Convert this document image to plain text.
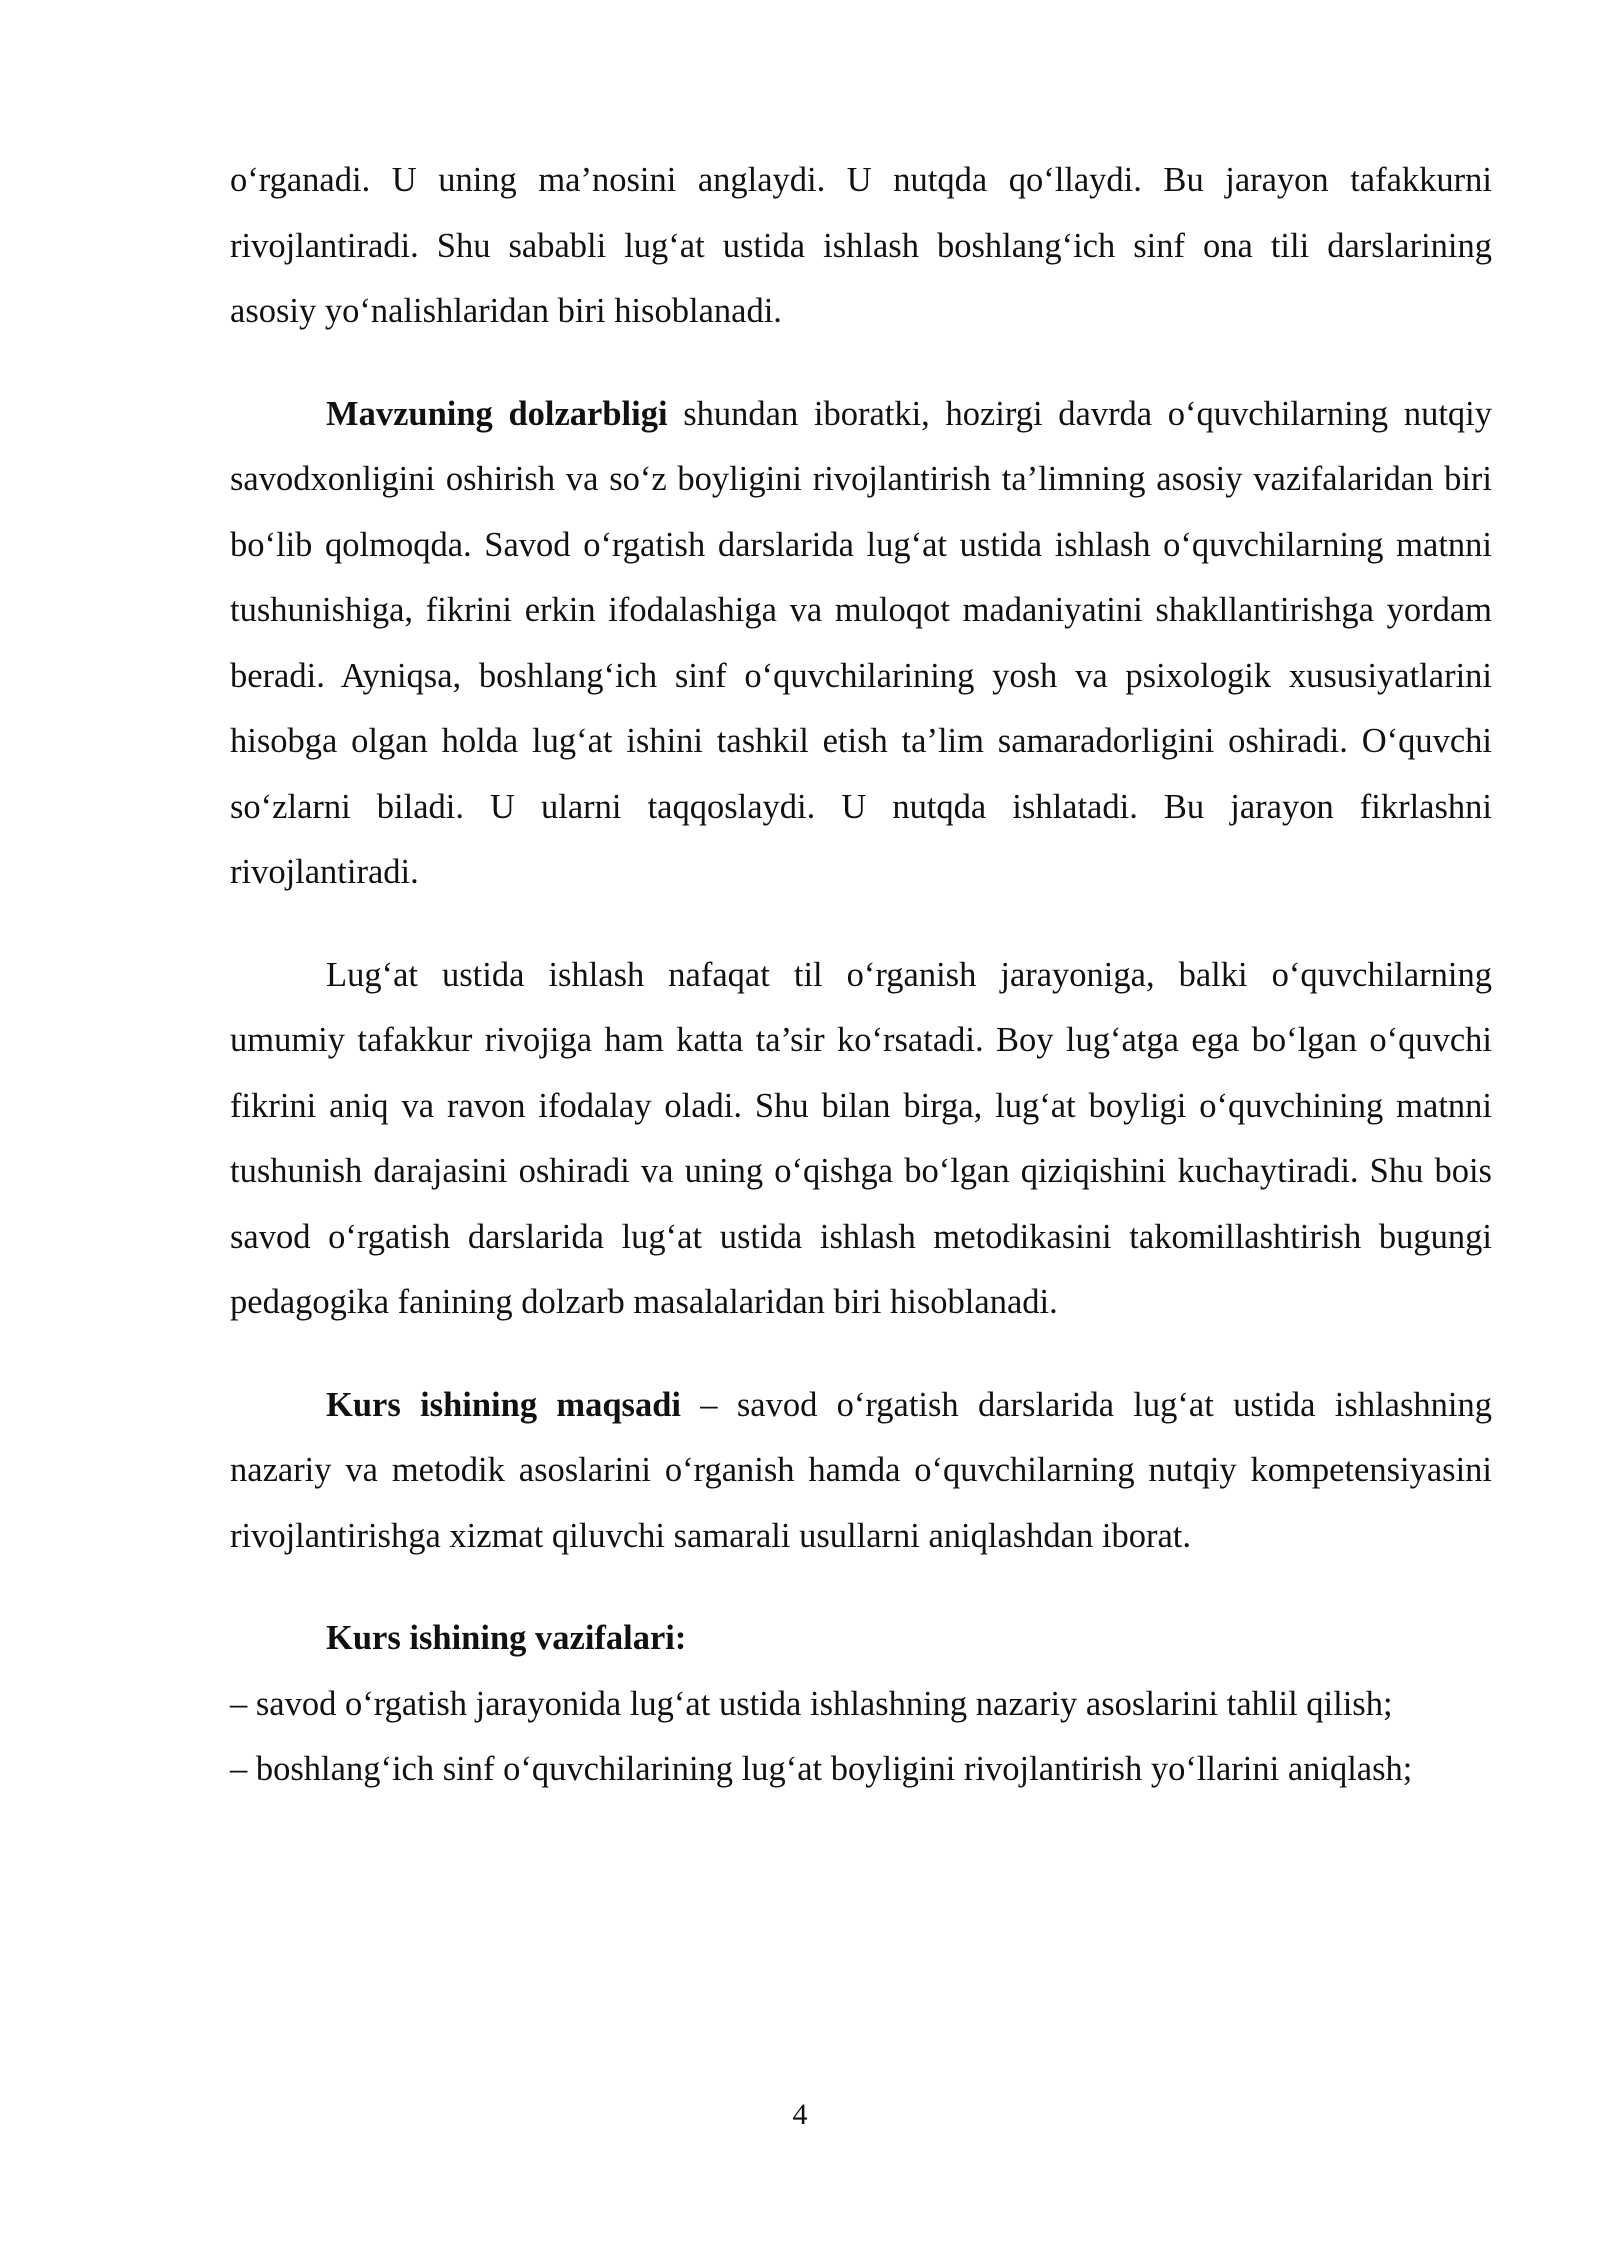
o‘rganadi. U uning ma’nosini anglaydi. U nutqda qo‘llaydi. Bu jarayon tafakkurni rivojlantiradi. Shu sababli lug‘at ustida ishlash boshlang‘ich sinf ona tili darslarining asosiy yo‘nalishlaridan biri hisoblanadi.

Mavzuning dolzarbligi shundan iboratki, hozirgi davrda o‘quvchilarning nutqiy savodxonligini oshirish va so‘z boyligini rivojlantirish ta’limning asosiy vazifalaridan biri bo‘lib qolmoqda. Savod o‘rgatish darslarida lug‘at ustida ishlash o‘quvchilarning matnni tushunishiga, fikrini erkin ifodalashiga va muloqot madaniyatini shakllantirishga yordam beradi. Ayniqsa, boshlang‘ich sinf o‘quvchilarining yosh va psixologik xususiyatlarini hisobga olgan holda lug‘at ishini tashkil etish ta’lim samaradorligini oshiradi. O‘quvchi so‘zlarni biladi. U ularni taqqoslaydi. U nutqda ishlatadi. Bu jarayon fikrlashni rivojlantiradi.

Lug‘at ustida ishlash nafaqat til o‘rganish jarayoniga, balki o‘quvchilarning umumiy tafakkur rivojiga ham katta ta’sir ko‘rsatadi. Boy lug‘atga ega bo‘lgan o‘quvchi fikrini aniq va ravon ifodalay oladi. Shu bilan birga, lug‘at boyligi o‘quvchining matnni tushunish darajasini oshiradi va uning o‘qishga bo‘lgan qiziqishini kuchaytiradi. Shu bois savod o‘rgatish darslarida lug‘at ustida ishlash metodikasini takomillashtirish bugungi pedagogika fanining dolzarb masalalaridan biri hisoblanadi.

Kurs ishining maqsadi – savod o‘rgatish darslarida lug‘at ustida ishlashning nazariy va metodik asoslarini o‘rganish hamda o‘quvchilarning nutqiy kompetensiyasini rivojlantirishga xizmat qiluvchi samarali usullarni aniqlashdan iborat.

Kurs ishining vazifalari:

– savod o‘rgatish jarayonida lug‘at ustida ishlashning nazariy asoslarini tahlil qilish;
– boshlang‘ich sinf o‘quvchilarining lug‘at boyligini rivojlantirish yo‘llarini aniqlash;
4
